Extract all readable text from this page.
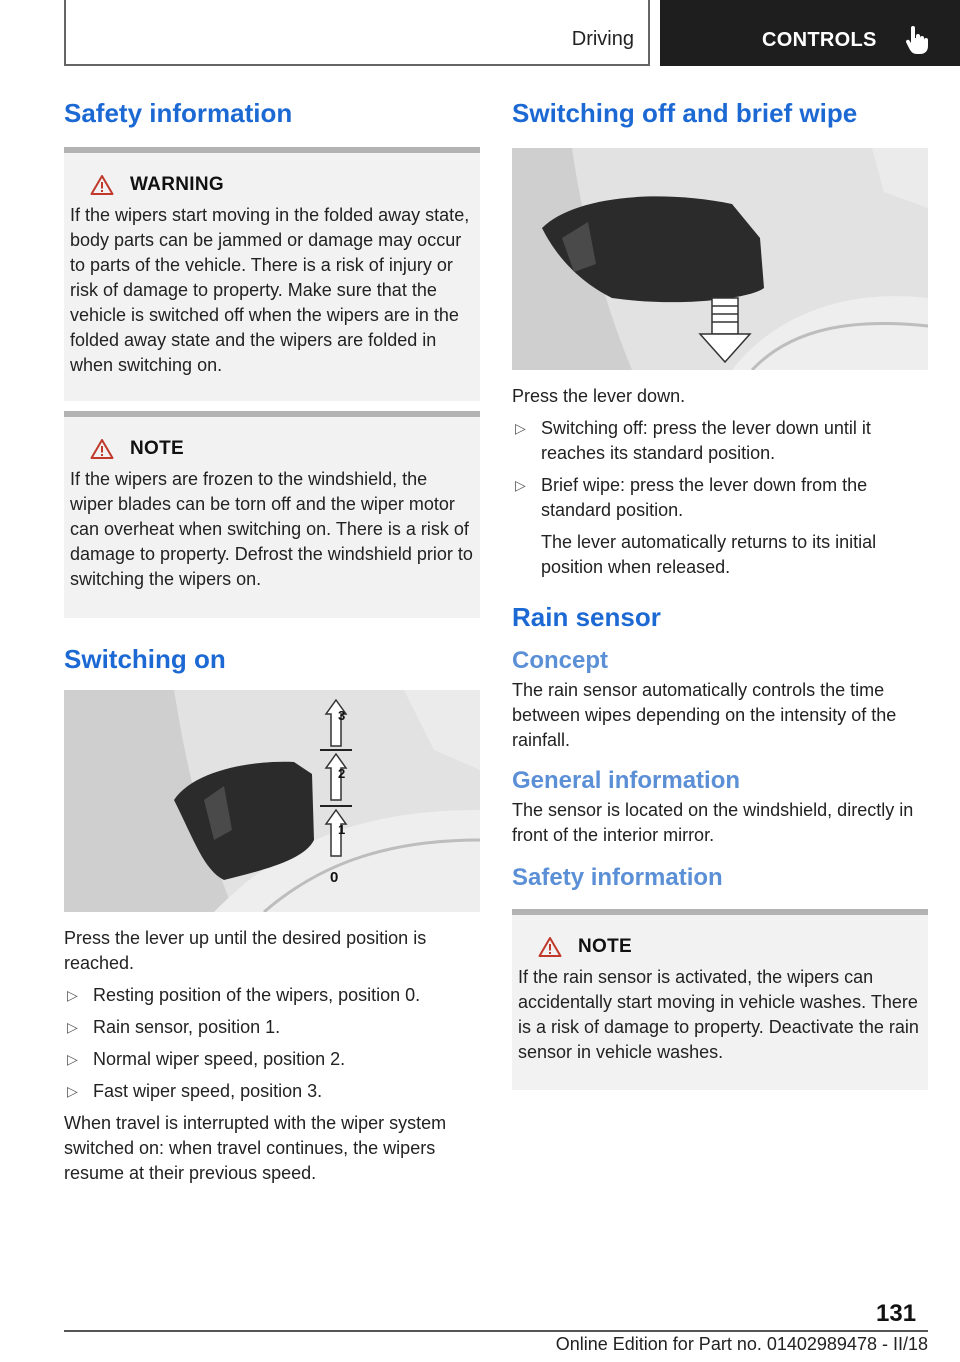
Driving	CONTROLS
Safety information
WARNING

If the wipers start moving in the folded away state, body parts can be jammed or damage may occur to parts of the vehicle. There is a risk of injury or risk of damage to property. Make sure that the vehicle is switched off when the wipers are in the folded away state and the wipers are folded in when switching on.

NOTE

If the wipers are frozen to the windshield, the wiper blades can be torn off and the wiper motor can overheat when switching on. There is a risk of damage to property. Defrost the windshield prior to switching the wipers on.

Switching on
3
2
1
0

Press the lever up until the desired position is reached.

▷ Resting position of the wipers, position 0.
▷ Rain sensor, position 1.
▷ Normal wiper speed, position 2.
▷ Fast wiper speed, position 3.

When travel is interrupted with the wiper system switched on: when travel continues, the wipers resume at their previous speed.

Switching off and brief wipe

Press the lever down.

▷ Switching off: press the lever down until it reaches its standard position.
▷ Brief wipe: press the lever down from the standard position.

The lever automatically returns to its initial position when released.

Rain sensor
Concept

The rain sensor automatically controls the time between wipes depending on the intensity of the rainfall.

General information

The sensor is located on the windshield, directly in front of the interior mirror.

Safety information
NOTE

If the rain sensor is activated, the wipers can accidentally start moving in vehicle washes. There is a risk of damage to property. Deactivate the rain sensor in vehicle washes.

131
Online Edition for Part no. 01402989478 - II/18
